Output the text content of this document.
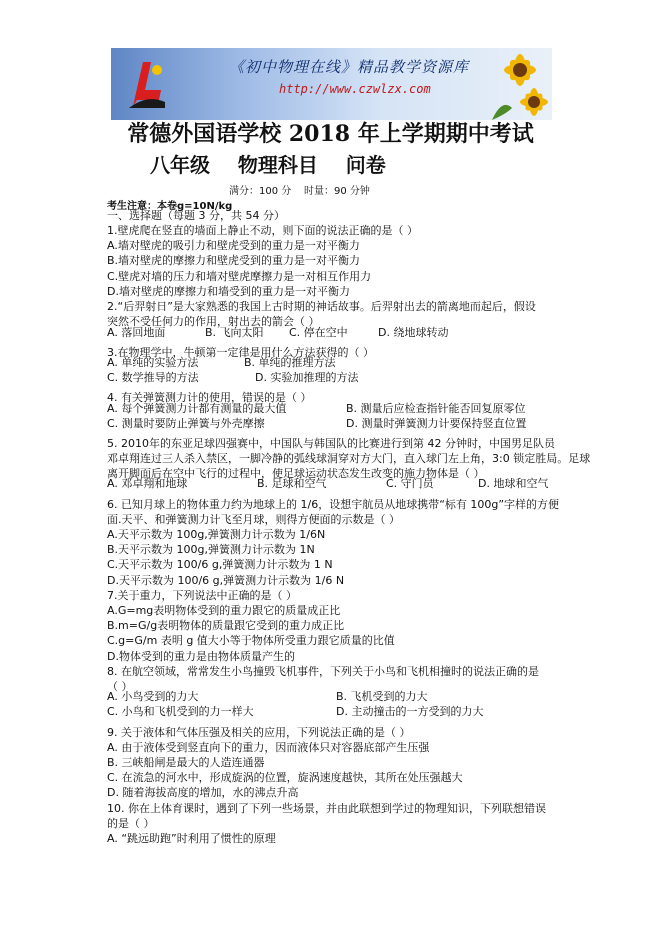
《初中物理在线》精品教学资源库
http://www.czwlzx.com
常德外国语学校 2018 年上学期期中考试
八年级    物理科目    问卷
满分：100 分    时量：90 分钟
考生注意：本卷g=10N/kg
一、选择题（每题 3 分，共 54 分）
1.壁虎爬在竖直的墙面上静止不动，则下面的说法正确的是（ ）
A.墙对壁虎的吸引力和壁虎受到的重力是一对平衡力
B.墙对壁虎的摩擦力和壁虎受到的重力是一对平衡力
C.壁虎对墙的压力和墙对壁虎摩擦力是一对相互作用力
D.墙对壁虎的摩擦力和墙受到的重力是一对平衡力
2.“后羿射日”是大家熟悉的我国上古时期的神话故事。后羿射出去的箭离地而起后，假设
突然不受任何力的作用，射出去的箭会（ ）
3.在物理学中，牛顿第一定律是用什么方法获得的（ ）
4. 有关弹簧测力计的使用，错误的是（ ）
5. 2010年的东亚足球四强赛中，中国队与韩国队的比赛进行到第 42 分钟时，中国男足队员
邓卓翔连过三人杀入禁区，一脚冷静的弧线球洞穿对方大门，直入球门左上角，3:0 锁定胜局。足球
离开脚面后在空中飞行的过程中，使足球运动状态发生改变的施力物体是（ ）
6. 已知月球上的物体重力约为地球上的 1/6，设想宇航员从地球携带“标有 100g”字样的方便
面.天平、和弹簧测力计飞至月球，则得方便面的示数是（ ）
A.天平示数为 100g,弹簧测力计示数为 1/6N
B.天平示数为 100g,弹簧测力计示数为 1N
C.天平示数为 100/6 g,弹簧测力计示数为 1 N
D.天平示数为 100/6 g,弹簧测力计示数为 1/6 N
7.关于重力，下列说法中正确的是（ ）
A.G=mg表明物体受到的重力跟它的质量成正比
B.m=G/g表明物体的质量跟它受到的重力成正比
C.g=G/m 表明 g 值大小等于物体所受重力跟它质量的比值
D.物体受到的重力是由物体质量产生的
8. 在航空领域，常常发生小鸟撞毁飞机事件，下列关于小鸟和飞机相撞时的说法正确的是
（ ）
9. 关于液体和气体压强及相关的应用，下列说法正确的是（ ）
A. 由于液体受到竖直向下的重力，因而液体只对容器底部产生压强
B. 三峡船闸是最大的人造连通器
C. 在流急的河水中，形成旋涡的位置，旋涡速度越快，其所在处压强越大
D. 随着海拔高度的增加，水的沸点升高
10. 你在上体育课时，遇到了下列一些场景，并由此联想到学过的物理知识，下列联想错误
的是（ ）
A. “跳远助跑”时利用了惯性的原理
A. 落回地面	B. 飞向太阳 C. 停在空中	D. 绕地球转动
A. 单纯的实验方法	B. 单纯的推理方法
C. 数学推导的方法	D. 实验加推理的方法
A. 每个弹簧测力计都有测量的最大值	B. 测量后应检查指针能否回复原零位
C. 测量时要防止弹簧与外壳摩擦	D. 测量时弹簧测力计要保持竖直位置
A. 邓卓翔和地球	B. 足球和空气	C. 守门员	D. 地球和空气
A. 小鸟受到的力大	B. 飞机受到的力大
C. 小鸟和飞机受到的力一样大	D. 主动撞击的一方受到的力大
